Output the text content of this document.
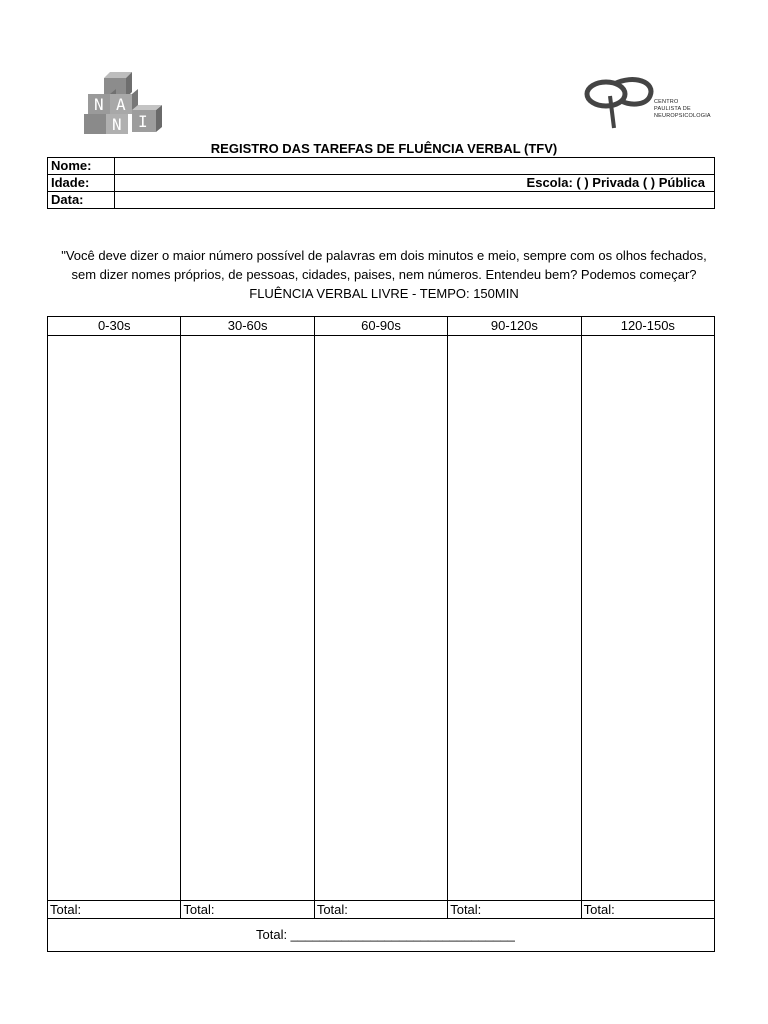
N A
N I
CENTRO
PAULISTA DE
NEUROPSICOLOGIA
REGISTRO DAS TAREFAS DE FLUÊNCIA VERBAL (TFV)
Nome:	
Idade:	Escola: ( ) Privada ( ) Pública
Data:	
"Você deve dizer o maior número possível de palavras em dois minutos e meio, sempre com os olhos fechados,
sem dizer nomes próprios, de pessoas, cidades, paises, nem números. Entendeu bem? Podemos começar?
FLUÊNCIA VERBAL LIVRE - TEMPO: 150MIN
0-30s	30-60s	60-90s	90-120s	120-150s
Total:	Total:	Total:	Total:	Total:
Total: _______________________________
